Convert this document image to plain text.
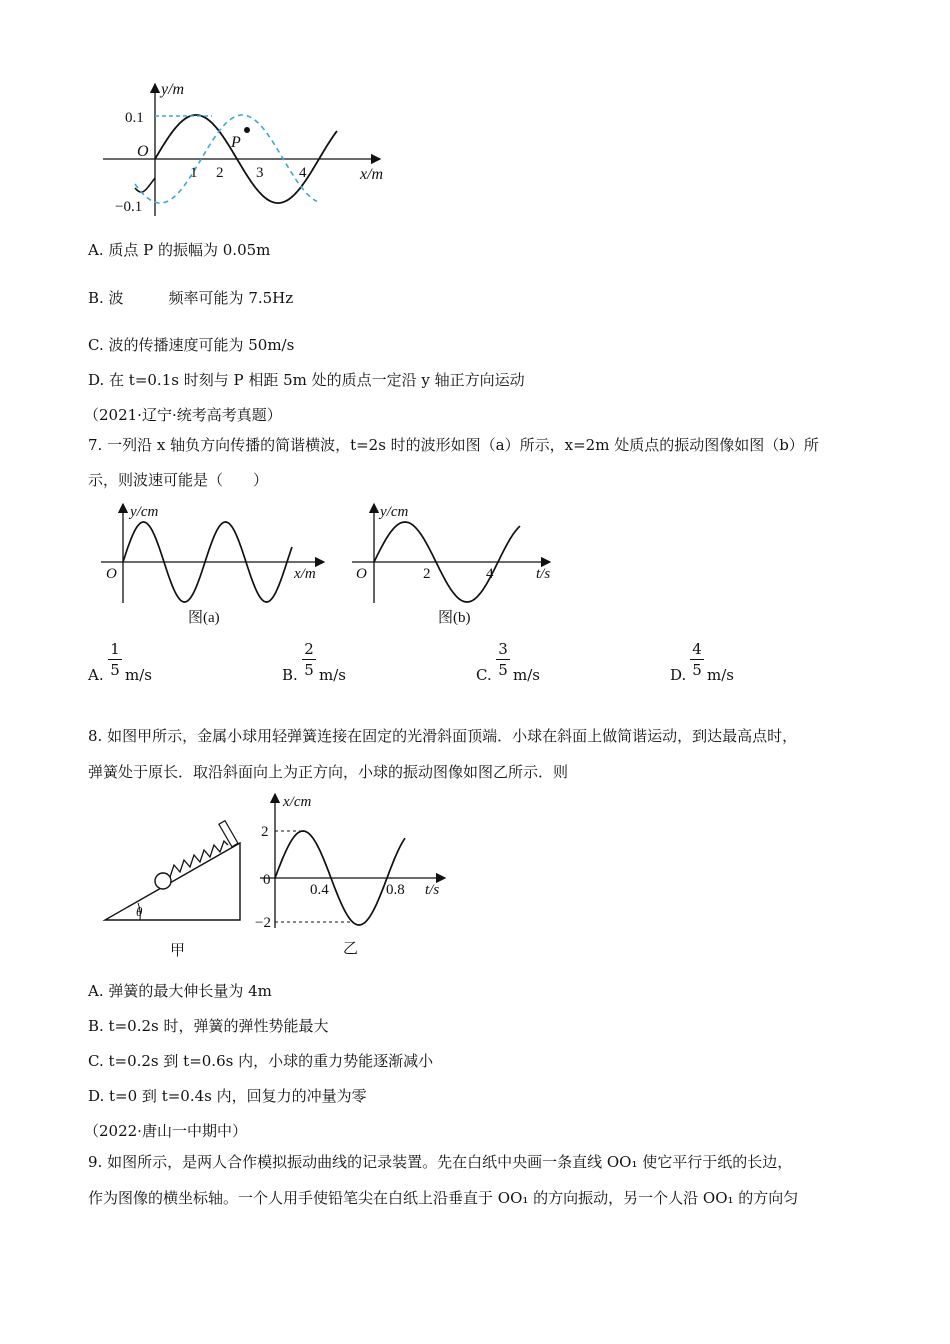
y/m
0.1
−0.1
O
P
1 2 3 4	x/m
A. 质点 P 的振幅为 0.05m
B. 波　　　频率可能为 7.5Hz
C. 波的传播速度可能为 50m/s
D. 在 t=0.1s 时刻与 P 相距 5m 处的质点一定沿 y 轴正方向运动
（2021·辽宁·统考高考真题）
7. 一列沿 x 轴负方向传播的简谐横波，t=2s 时的波形如图（a）所示，x=2m 处质点的振动图像如图（b）所
示，则波速可能是（　　）
y/cm
O	x/m
图(a)
y/cm
O	2	4	t/s
图(b)
A.
1
5 m/s	B.
2
5 m/s	C.
3
5 m/s	D.
4
5 m/s
8. 如图甲所示，金属小球用轻弹簧连接在固定的光滑斜面顶端．小球在斜面上做简谐运动，到达最高点时，
弹簧处于原长．取沿斜面向上为正方向，小球的振动图像如图乙所示．则
θ
甲
x/cm
2
0
−2
0.4	0.8 t/s
乙
A. 弹簧的最大伸长量为 4m
B. t=0.2s 时，弹簧的弹性势能最大
C. t=0.2s 到 t=0.6s 内，小球的重力势能逐渐减小
D. t=0 到 t=0.4s 内，回复力的冲量为零
（2022·唐山一中期中）
9. 如图所示，是两人合作模拟振动曲线的记录装置。先在白纸中央画一条直线 OO₁ 使它平行于纸的长边，
作为图像的横坐标轴。一个人用手使铅笔尖在白纸上沿垂直于 OO₁ 的方向振动，另一个人沿 OO₁ 的方向匀
